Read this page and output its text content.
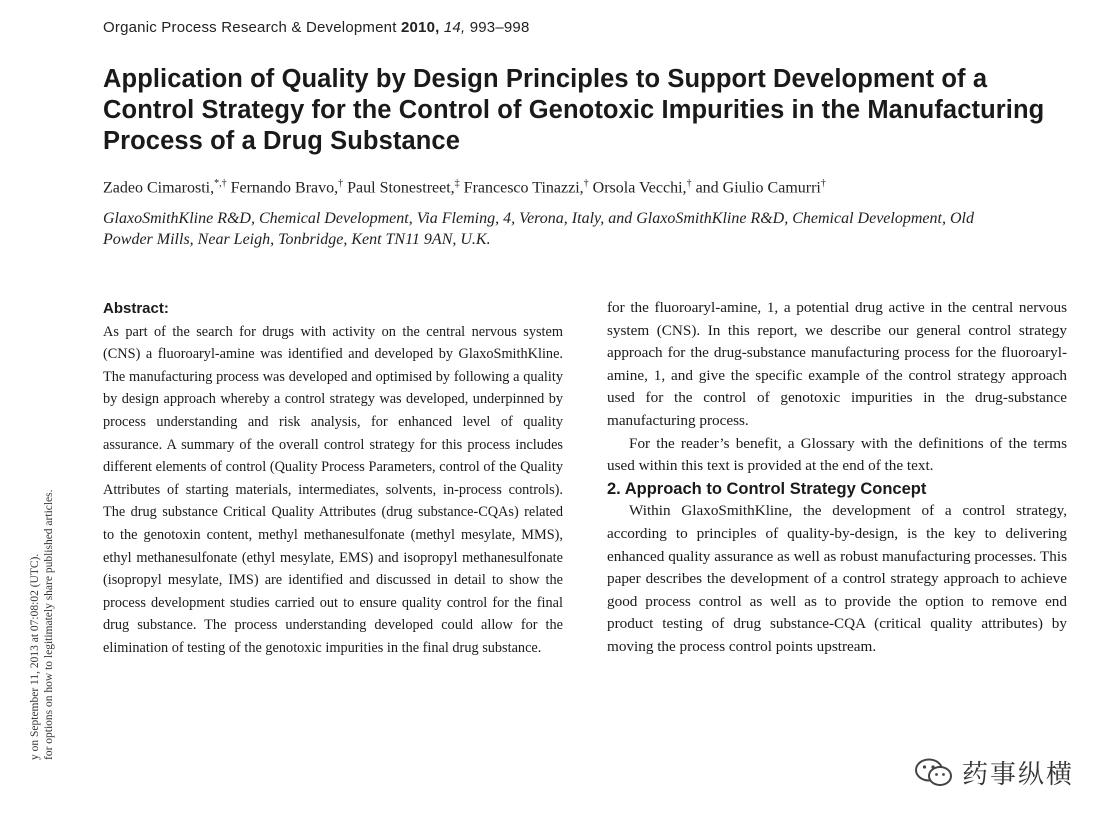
Organic Process Research & Development 2010, 14, 993–998
Application of Quality by Design Principles to Support Development of a Control Strategy for the Control of Genotoxic Impurities in the Manufacturing Process of a Drug Substance
Zadeo Cimarosti,*,† Fernando Bravo,† Paul Stonestreet,‡ Francesco Tinazzi,† Orsola Vecchi,† and Giulio Camurri†
GlaxoSmithKline R&D, Chemical Development, Via Fleming, 4, Verona, Italy, and GlaxoSmithKline R&D, Chemical Development, Old Powder Mills, Near Leigh, Tonbridge, Kent TN11 9AN, U.K.
Abstract:
As part of the search for drugs with activity on the central nervous system (CNS) a fluoroaryl-amine was identified and developed by GlaxoSmithKline. The manufacturing process was developed and optimised by following a quality by design approach whereby a control strategy was developed, underpinned by process understanding and risk analysis, for enhanced level of quality assurance. A summary of the overall control strategy for this process includes different elements of control (Quality Process Parameters, control of the Quality Attributes of starting materials, intermediates, solvents, in-process controls). The drug substance Critical Quality Attributes (drug substance-CQAs) related to the genotoxin content, methyl methanesulfonate (methyl mesylate, MMS), ethyl methanesulfonate (ethyl mesylate, EMS) and isopropyl methanesulfonate (isopropyl mesylate, IMS) are identified and discussed in detail to show the process development studies carried out to ensure quality control for the final drug substance. The process understanding developed could allow for the elimination of testing of the genotoxic impurities in the final drug substance.

for the fluoroaryl-amine, 1, a potential drug active in the central nervous system (CNS). In this report, we describe our general control strategy approach for the drug-substance manufacturing process for the fluoroaryl-amine, 1, and give the specific example of the control strategy approach used for the control of genotoxic impurities in the drug-substance manufacturing process.

For the reader’s benefit, a Glossary with the definitions of the terms used within this text is provided at the end of the text.

2. Approach to Control Strategy Concept

Within GlaxoSmithKline, the development of a control strategy, according to principles of quality-by-design, is the key to delivering enhanced quality assurance as well as robust manufacturing processes. This paper describes the development of a control strategy approach to achieve good process control as well as to provide the option to remove end product testing of drug substance-CQA (critical quality attributes) by moving the process control points upstream.

y on September 11, 2013 at 07:08:02 (UTC). for options on how to legitimately share published articles.
药事纵横
